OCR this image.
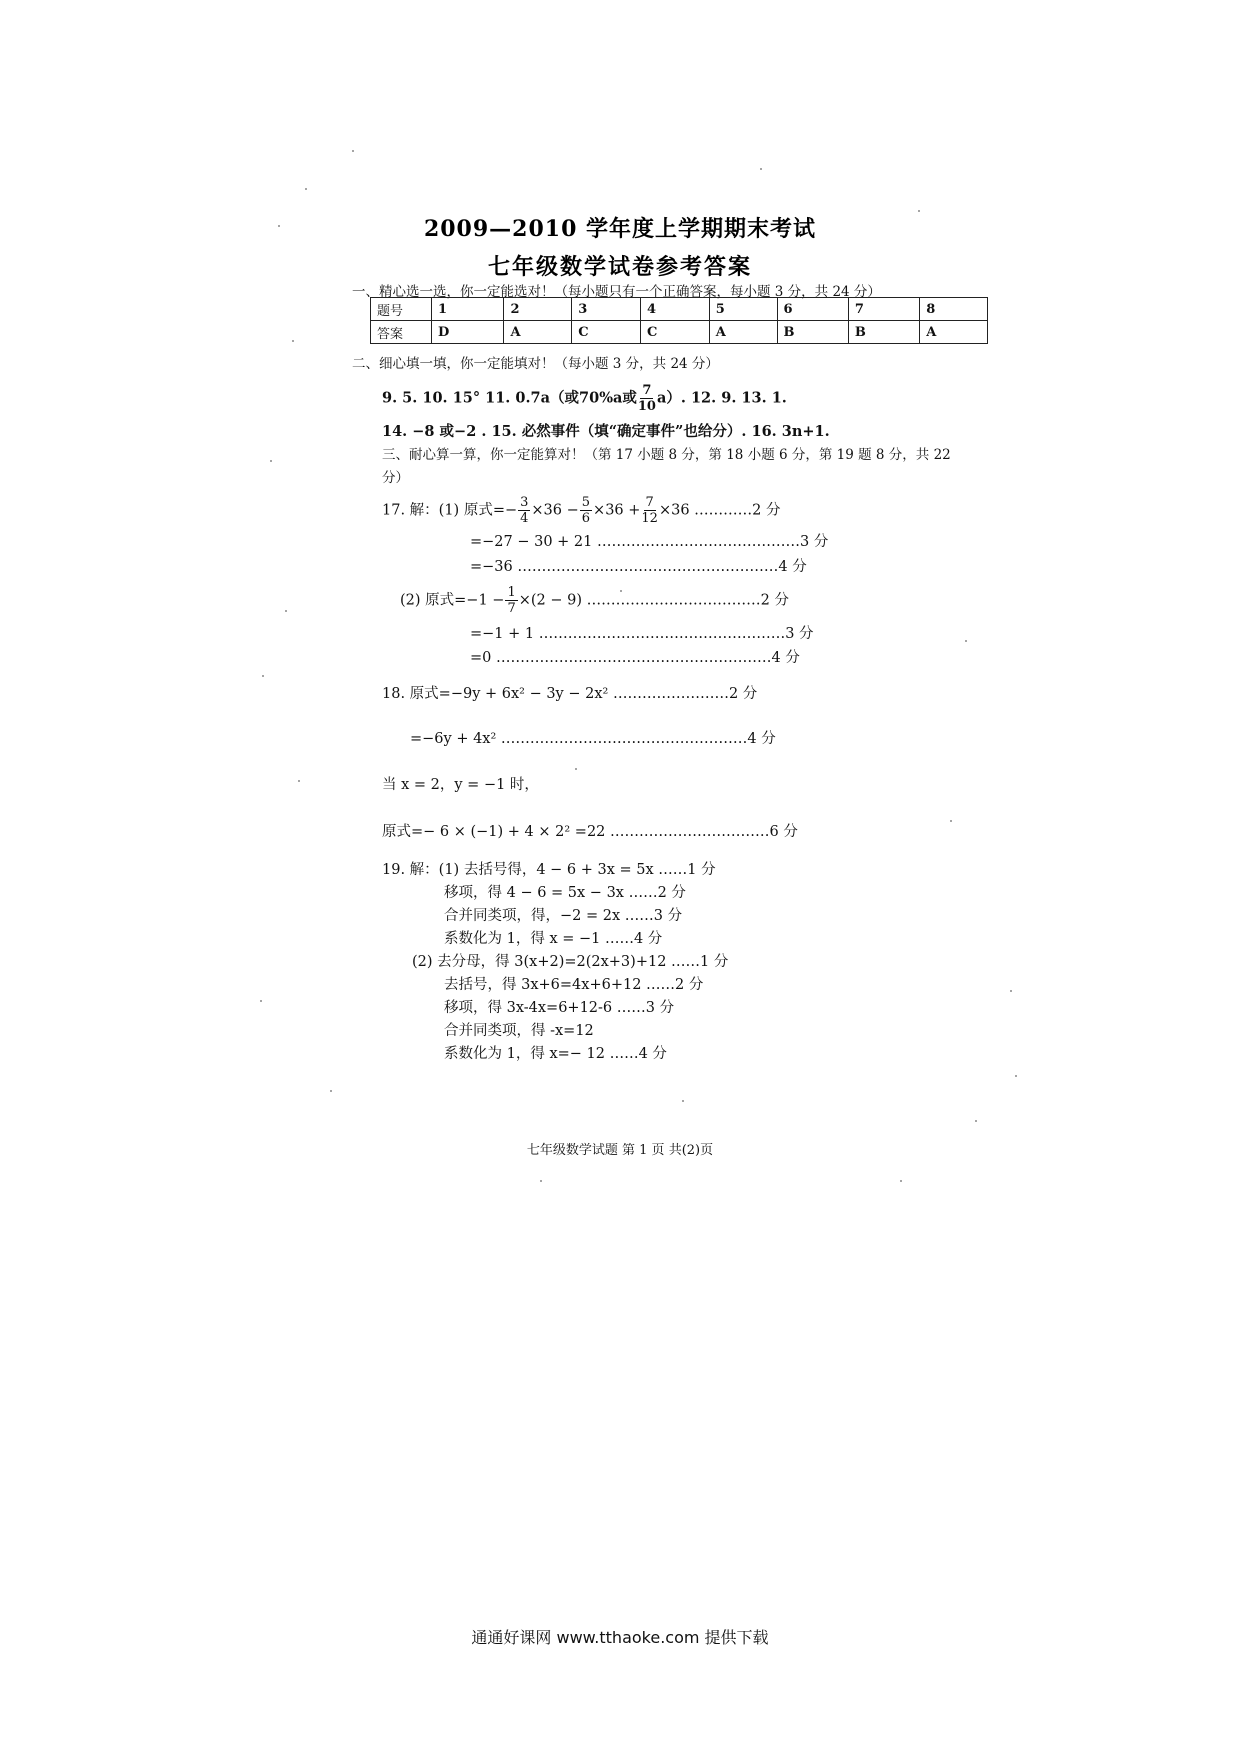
2009—2010 学年度上学期期末考试
七年级数学试卷参考答案
一、精心选一选，你一定能选对！（每小题只有一个正确答案，每小题 3 分，共 24 分）
题号	1	2	3	4	5	6	7	8
答案	D	A	C	C	A	B	B	A
二、细心填一填，你一定能填对！（每小题 3 分，共 24 分）
9. 5. 10. 15° 11. 0.7a（或70%a或 $\frac{7}{10} a$）. 12. 9. 13. 1.
14. −8 或−2 . 15. 必然事件（填“确定事件”也给分）. 16. 3n+1.
三、耐心算一算，你一定能算对！（第 17 小题 8 分，第 18 小题 6 分，第 19 题 8 分，共 22
分）
17. 解：(1) 原式=− $\frac{3}{4} \times 36 - \frac{5}{6} \times 36 + \frac{7}{12} \times 36$ …………2 分
=−27 − 30 + 21 ……………………………………3 分
=−36 ………………………………………………4 分
(2) 原式$=-1 - \frac{1}{7} \times(2 - 9)$ ………………………………2 分
=−1 + 1 ……………………………………………3 分
=0 …………………………………………………4 分
18. 原式=−9y + 6x² − 3y − 2x² ……………………2 分
=−6y + 4x² ……………………………………………4 分
当 x = 2，y = −1 时，
原式=− 6 × (−1) + 4 × 2² =22 ……………………………6 分
19. 解：(1) 去括号得，4 − 6 + 3x = 5x ……1 分
移项，得 4 − 6 = 5x − 3x ……2 分
合并同类项，得，−2 = 2x ……3 分
系数化为 1，得 x = −1 ……4 分
(2) 去分母，得 3(x+2)=2(2x+3)+12 ……1 分
去括号，得 3x+6=4x+6+12 ……2 分
移项，得 3x-4x=6+12-6 ……3 分
合并同类项，得 -x=12
系数化为 1，得 x=− 12 ……4 分
七年级数学试题 第 1 页 共(2)页
通通好课网 www.tthaoke.com 提供下载
